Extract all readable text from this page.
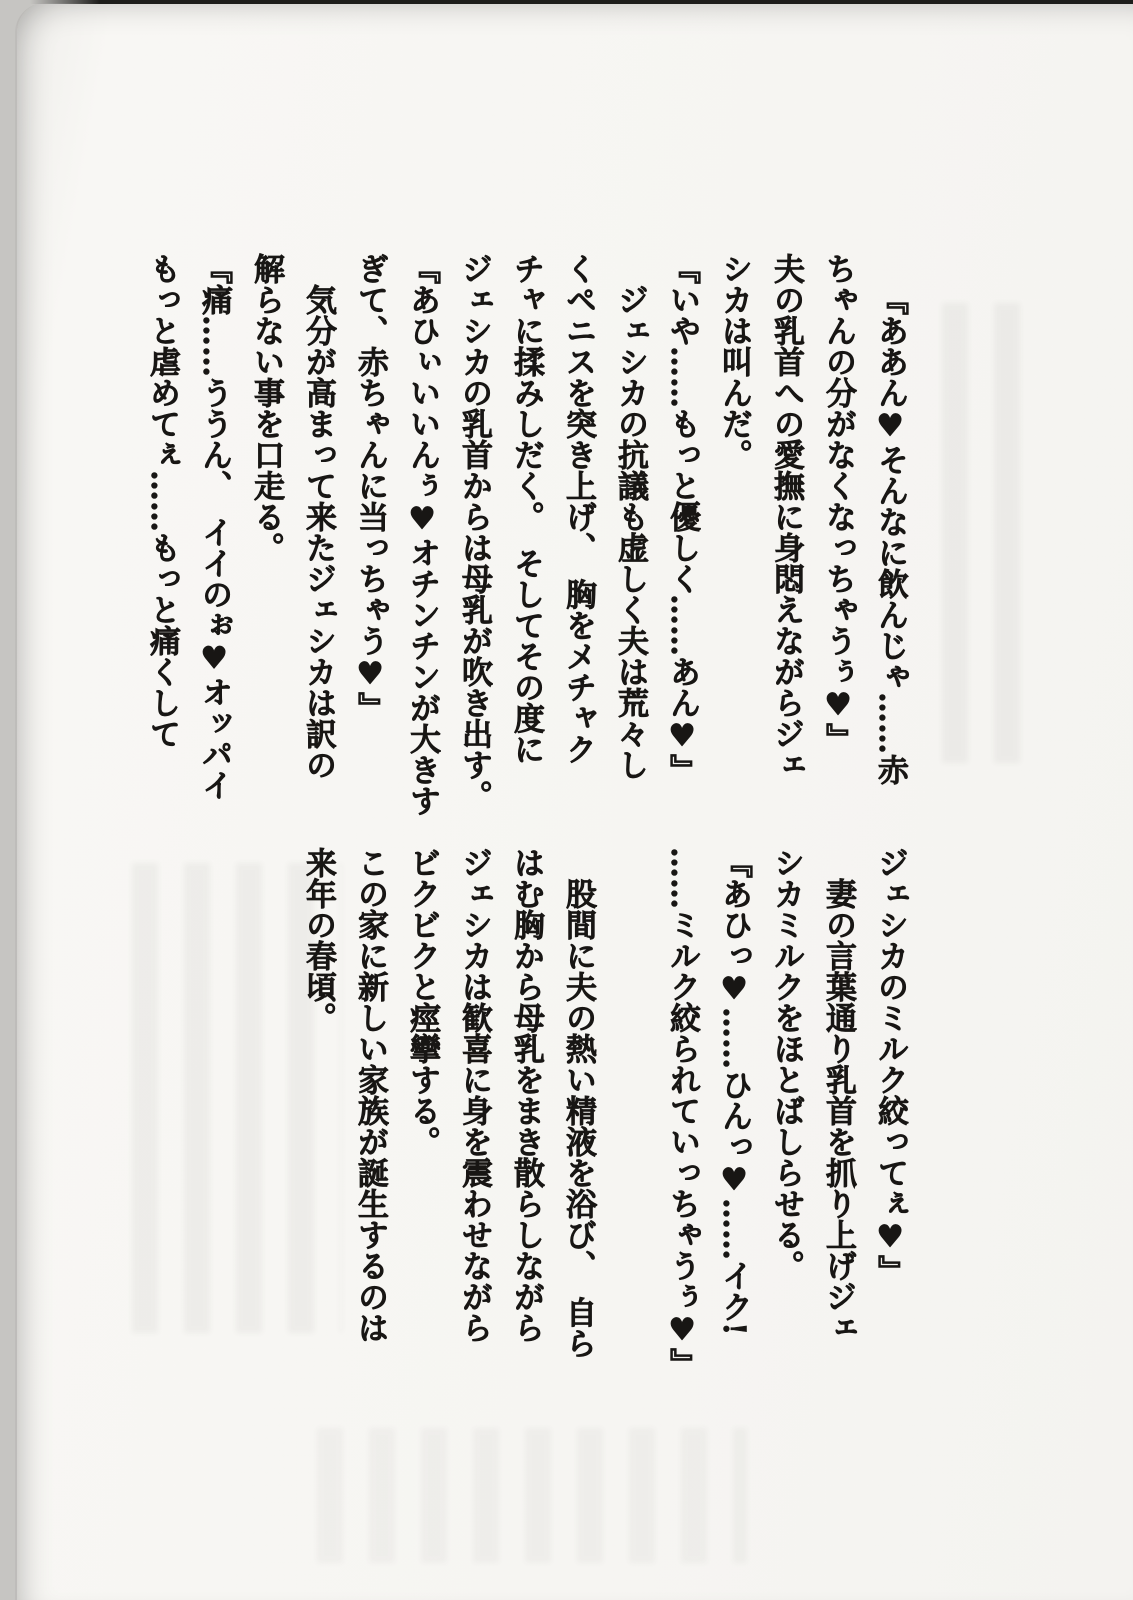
『ああん♥そんなに飲んじゃ……赤

ちゃんの分がなくなっちゃうぅ♥』

夫の乳首への愛撫に身悶えながらジェ

シカは叫んだ。

『いや……もっと優しく……あん♥』

ジェシカの抗議も虚しく夫は荒々し

くペニスを突き上げ、　胸をメチャク

チャに揉みしだく。　そしてその度に

ジェシカの乳首からは母乳が吹き出す。

『あひぃいいんぅ♥オチンチンが大きす

ぎて、赤ちゃんに当っちゃう♥』

気分が高まって来たジェシカは訳の

解らない事を口走る。

『痛……ううん、　イイのぉ♥オッパイ

もっと虐めてぇ……もっと痛くして

ジェシカのミルク絞ってぇ♥』

妻の言葉通り乳首を抓り上げジェ

シカミルクをほとばしらせる。

『あひっ♥……ひんっ♥……イク!

……ミルク絞られていっちゃうぅ♥』

股間に夫の熱い精液を浴び、　自ら

はむ胸から母乳をまき散らしながら

ジェシカは歓喜に身を震わせながら

ビクビクと痙攣する。

この家に新しい家族が誕生するのは

来年の春頃。
